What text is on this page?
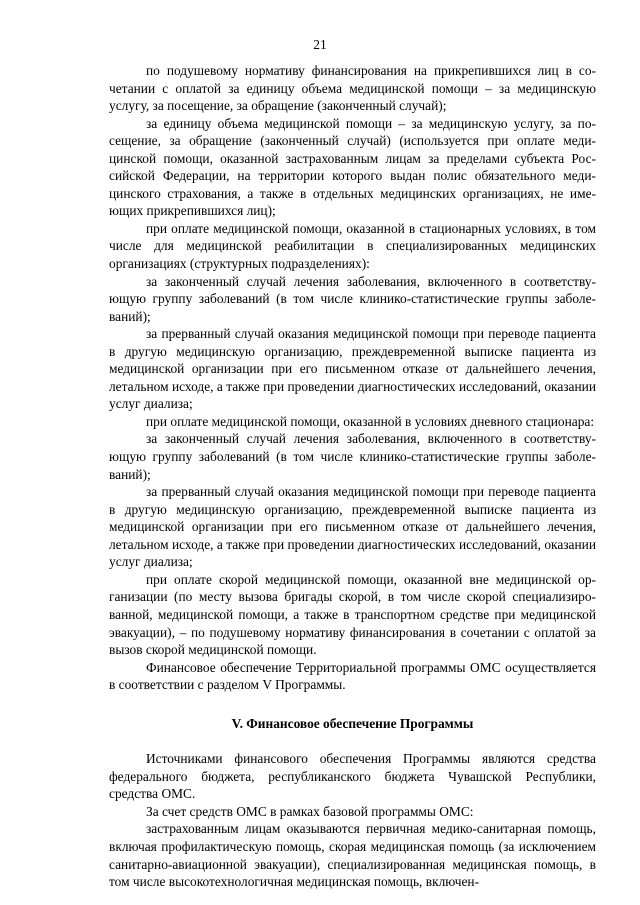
21

по подушевому нормативу финансирования на прикрепившихся лиц в сочетании с оплатой за единицу объема медицинской помощи – за медицинскую услугу, за посещение, за обращение (законченный случай);

за единицу объема медицинской помощи – за медицинскую услугу, за посещение, за обращение (законченный случай) (используется при оплате медицинской помощи, оказанной застрахованным лицам за пределами субъекта Российской Федерации, на территории которого выдан полис обязательного медицинского страхования, а также в отдельных медицинских организациях, не имеющих прикрепившихся лиц);

при оплате медицинской помощи, оказанной в стационарных условиях, в том числе для медицинской реабилитации в специализированных медицинских организациях (структурных подразделениях):

за законченный случай лечения заболевания, включенного в соответствующую группу заболеваний (в том числе клинико-статистические группы заболеваний);

за прерванный случай оказания медицинской помощи при переводе пациента в другую медицинскую организацию, преждевременной выписке пациента из медицинской организации при его письменном отказе от дальнейшего лечения, летальном исходе, а также при проведении диагностических исследований, оказании услуг диализа;

при оплате медицинской помощи, оказанной в условиях дневного стационара:

за законченный случай лечения заболевания, включенного в соответствующую группу заболеваний (в том числе клинико-статистические группы заболеваний);

за прерванный случай оказания медицинской помощи при переводе пациента в другую медицинскую организацию, преждевременной выписке пациента из медицинской организации при его письменном отказе от дальнейшего лечения, летальном исходе, а также при проведении диагностических исследований, оказании услуг диализа;

при оплате скорой медицинской помощи, оказанной вне медицинской организации (по месту вызова бригады скорой, в том числе скорой специализированной, медицинской помощи, а также в транспортном средстве при медицинской эвакуации), – по подушевому нормативу финансирования в сочетании с оплатой за вызов скорой медицинской помощи.

Финансовое обеспечение Территориальной программы ОМС осуществляется в соответствии с разделом V Программы.

V. Финансовое обеспечение Программы

Источниками финансового обеспечения Программы являются средства федерального бюджета, республиканского бюджета Чувашской Республики, средства ОМС.

За счет средств ОМС в рамках базовой программы ОМС:

застрахованным лицам оказываются первичная медико-санитарная помощь, включая профилактическую помощь, скорая медицинская помощь (за исключением санитарно-авиационной эвакуации), специализированная медицинская помощь, в том числе высокотехнологичная медицинская помощь, включен-
